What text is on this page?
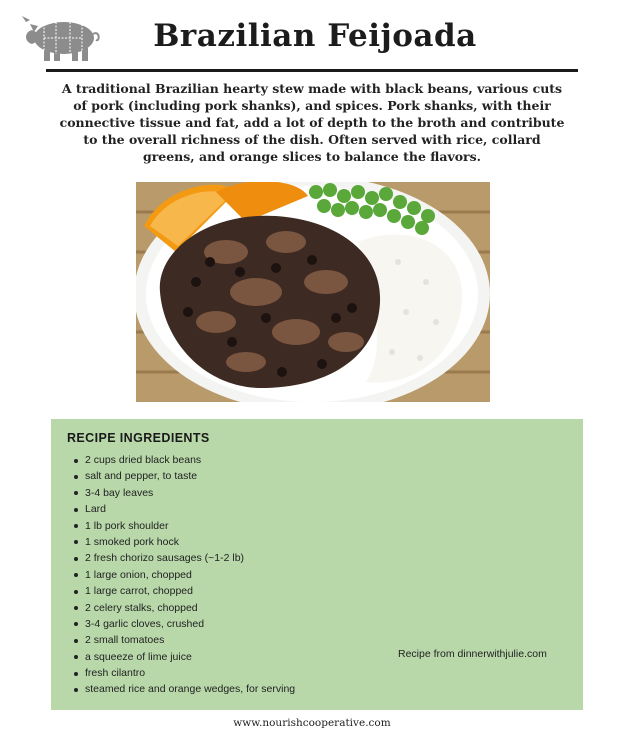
Brazilian Feijoada
A traditional Brazilian hearty stew made with black beans, various cuts of pork (including pork shanks), and spices. Pork shanks, with their connective tissue and fat, add a lot of depth to the broth and contribute to the overall richness of the dish. Often served with rice, collard greens, and orange slices to balance the flavors.
RECIPE INGREDIENTS
2 cups dried black beans
salt and pepper, to taste
3-4 bay leaves
Lard
1 lb pork shoulder
1 smoked pork hock
2 fresh chorizo sausages (~1-2 lb)
1 large onion, chopped
1 large carrot, chopped
2 celery stalks, chopped
3-4 garlic cloves, crushed
2 small tomatoes
a squeeze of lime juice
fresh cilantro
steamed rice and orange wedges, for serving
Recipe from dinnerwithjulie.com
www.nourishcooperative.com
